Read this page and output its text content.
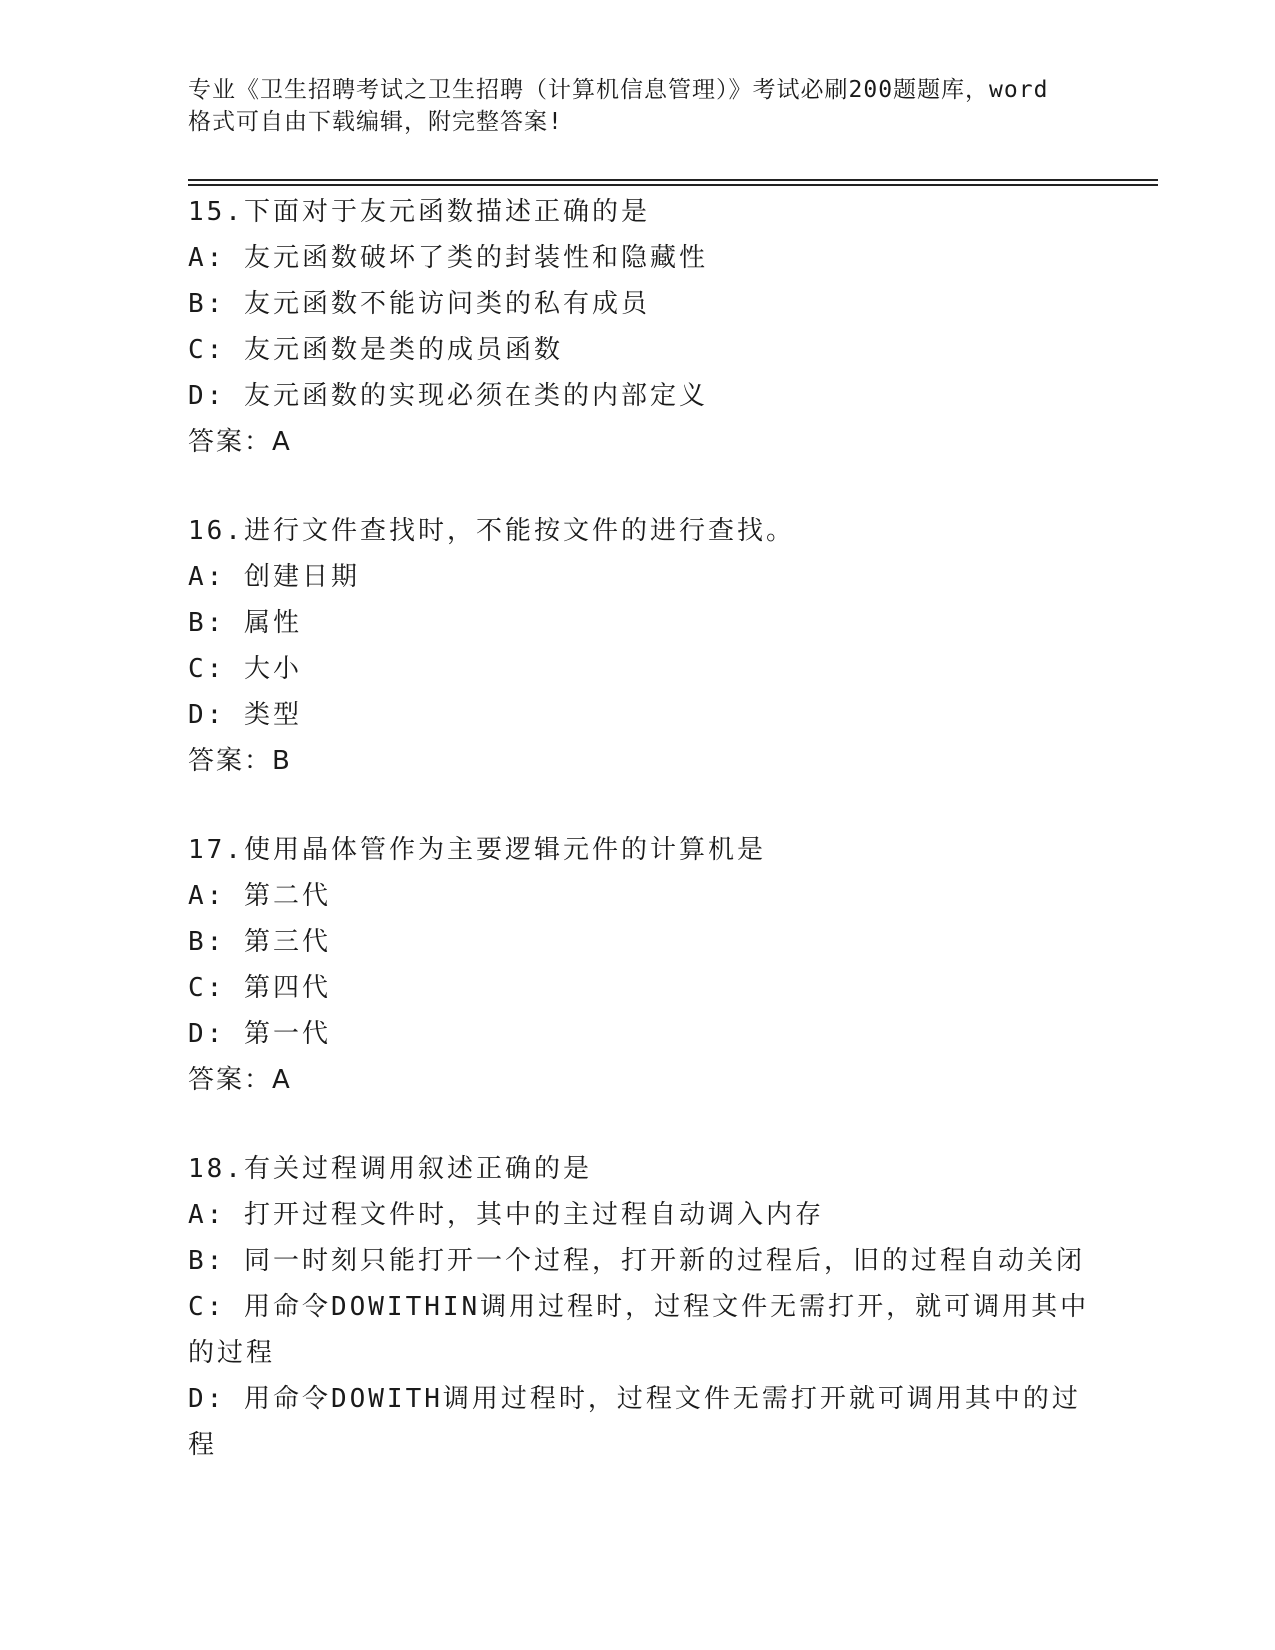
专业《卫生招聘考试之卫生招聘（计算机信息管理）》考试必刷200题题库，word

格式可自由下载编辑，附完整答案!

15.下面对于友元函数描述正确的是
A: 友元函数破坏了类的封装性和隐藏性
B: 友元函数不能访问类的私有成员
C: 友元函数是类的成员函数
D: 友元函数的实现必须在类的内部定义
答案：A
16.进行文件查找时，不能按文件的进行查找。
A: 创建日期
B: 属性
C: 大小
D: 类型
答案：B
17.使用晶体管作为主要逻辑元件的计算机是
A: 第二代
B: 第三代
C: 第四代
D: 第一代
答案：A
18.有关过程调用叙述正确的是
A: 打开过程文件时，其中的主过程自动调入内存
B: 同一时刻只能打开一个过程，打开新的过程后，旧的过程自动关闭
C: 用命令DOWITHIN调用过程时，过程文件无需打开，就可调用其中
的过程
D: 用命令DOWITH调用过程时，过程文件无需打开就可调用其中的过
程
